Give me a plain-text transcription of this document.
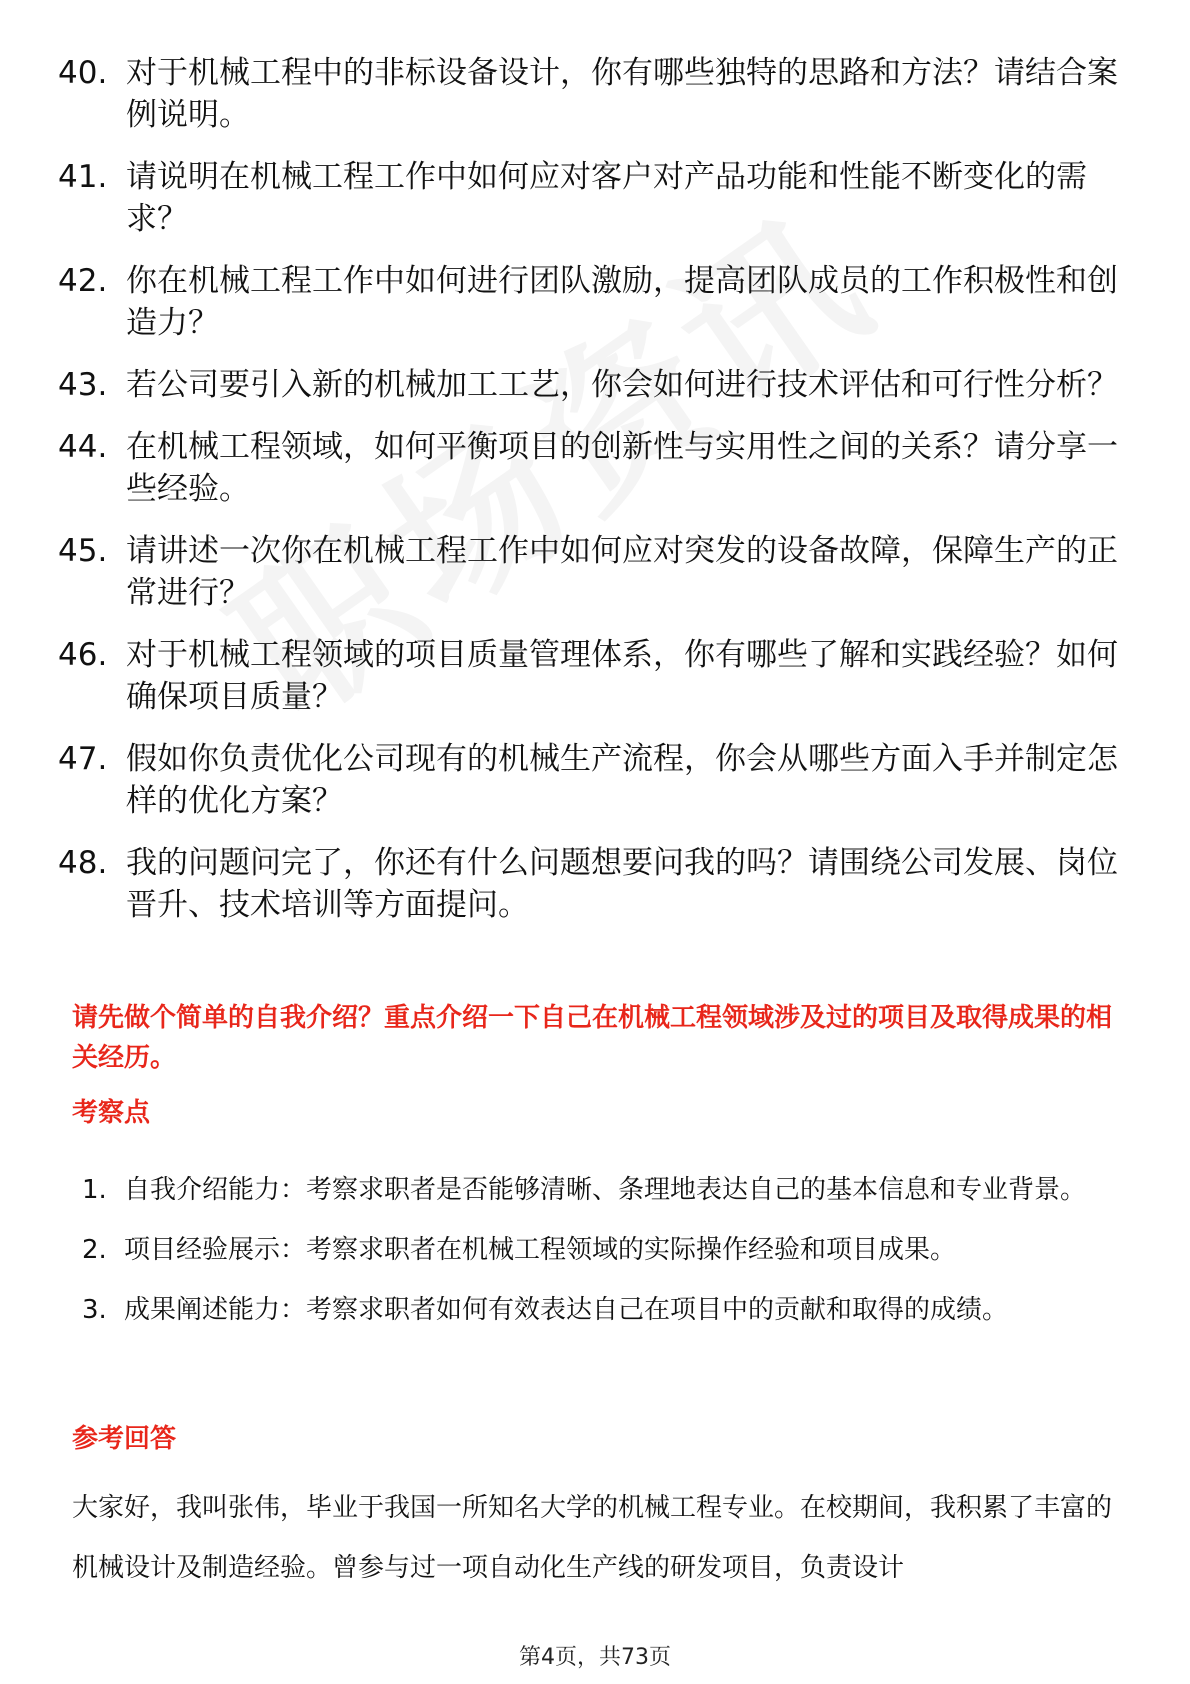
40. 对于机械工程中的非标设备设计，你有哪些独特的思路和方法？请结合案例说明。
41. 请说明在机械工程工作中如何应对客户对产品功能和性能不断变化的需求？
42. 你在机械工程工作中如何进行团队激励，提高团队成员的工作积极性和创造力？
43. 若公司要引入新的机械加工工艺，你会如何进行技术评估和可行性分析？
44. 在机械工程领域，如何平衡项目的创新性与实用性之间的关系？请分享一些经验。
45. 请讲述一次你在机械工程工作中如何应对突发的设备故障，保障生产的正常进行？
46. 对于机械工程领域的项目质量管理体系，你有哪些了解和实践经验？如何确保项目质量？
47. 假如你负责优化公司现有的机械生产流程，你会从哪些方面入手并制定怎样的优化方案？
48. 我的问题问完了，你还有什么问题想要问我的吗？请围绕公司发展、岗位晋升、技术培训等方面提问。
请先做个简单的自我介绍？重点介绍一下自己在机械工程领域涉及过的项目及取得成果的相关经历。
考察点
1. 自我介绍能力：考察求职者是否能够清晰、条理地表达自己的基本信息和专业背景。
2. 项目经验展示：考察求职者在机械工程领域的实际操作经验和项目成果。
3. 成果阐述能力：考察求职者如何有效表达自己在项目中的贡献和取得的成绩。
参考回答
大家好，我叫张伟，毕业于我国一所知名大学的机械工程专业。在校期间，我积累了丰富的机械设计及制造经验。曾参与过一项自动化生产线的研发项目，负责设计
第4页，共73页
